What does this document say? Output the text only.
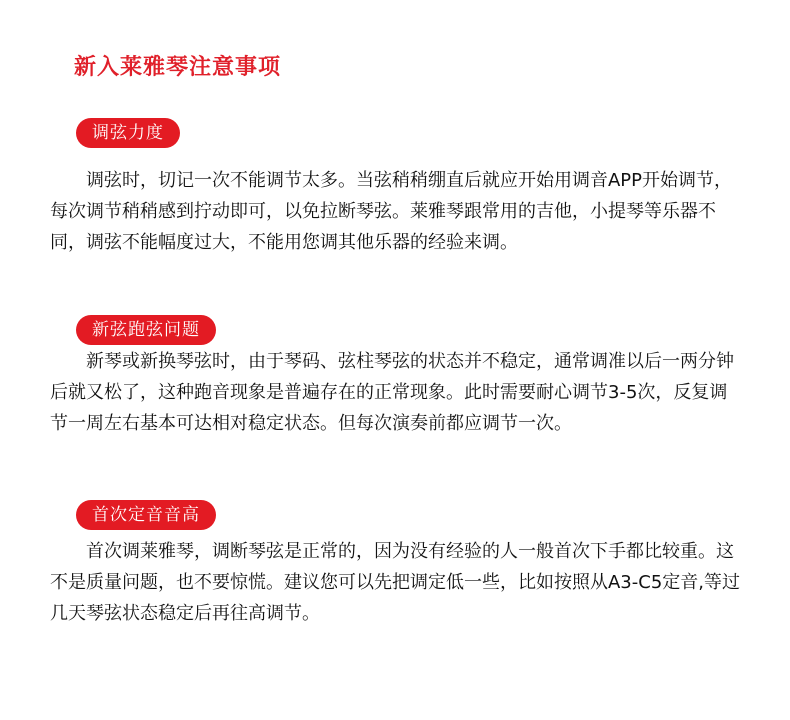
新入莱雅琴注意事项
调弦力度

调弦时，切记一次不能调节太多。当弦稍稍绷直后就应开始用调音APP开始调节，每次调节稍稍感到拧动即可，以免拉断琴弦。莱雅琴跟常用的吉他，小提琴等乐器不同，调弦不能幅度过大，不能用您调其他乐器的经验来调。

新弦跑弦问题

新琴或新换琴弦时，由于琴码、弦柱琴弦的状态并不稳定，通常调准以后一两分钟后就又松了，这种跑音现象是普遍存在的正常现象。此时需要耐心调节3-5次，反复调节一周左右基本可达相对稳定状态。但每次演奏前都应调节一次。

首次定音音高

首次调莱雅琴，调断琴弦是正常的，因为没有经验的人一般首次下手都比较重。这不是质量问题，也不要惊慌。建议您可以先把调定低一些，比如按照从A3-C5定音,等过几天琴弦状态稳定后再往高调节。
